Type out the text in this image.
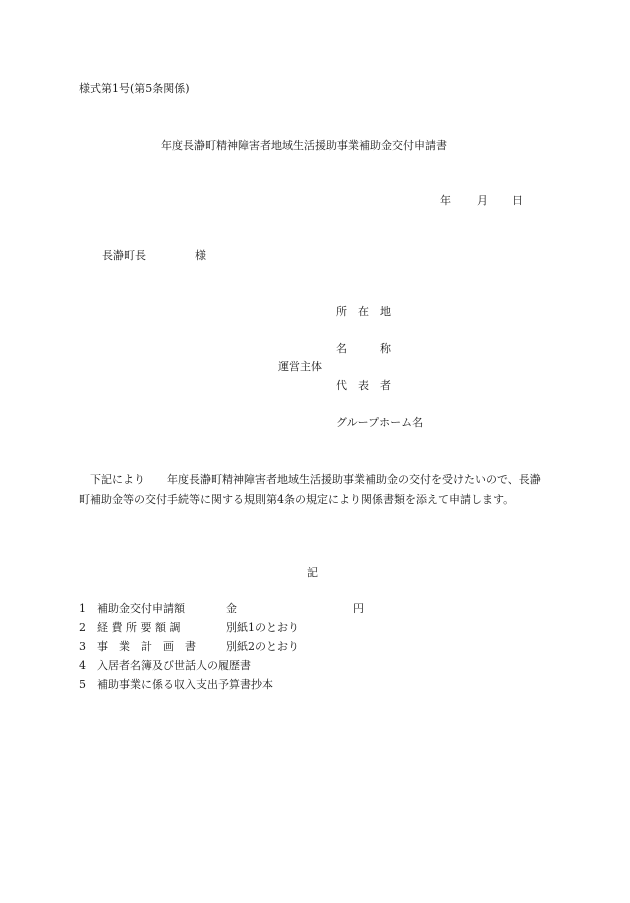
様式第1号(第5条関係)
年度長瀞町精神障害者地域生活援助事業補助金交付申請書
年 月 日
長瀞町長	様
所　在　地
名　　　称
運営主体
代　表　者
グループホーム名
　下記により　　年度長瀞町精神障害者地域生活援助事業補助金の交付を受けたいので、長瀞町補助金等の交付手続等に関する規則第4条の規定により関係書類を添えて申請します。
記
1 補助金交付申請額	金	円
2 経 費 所 要 額 調	別紙1のとおり
3 事　業　計　画　書	別紙2のとおり
4 入居者名簿及び世話人の履歴書
5 補助事業に係る収入支出予算書抄本
